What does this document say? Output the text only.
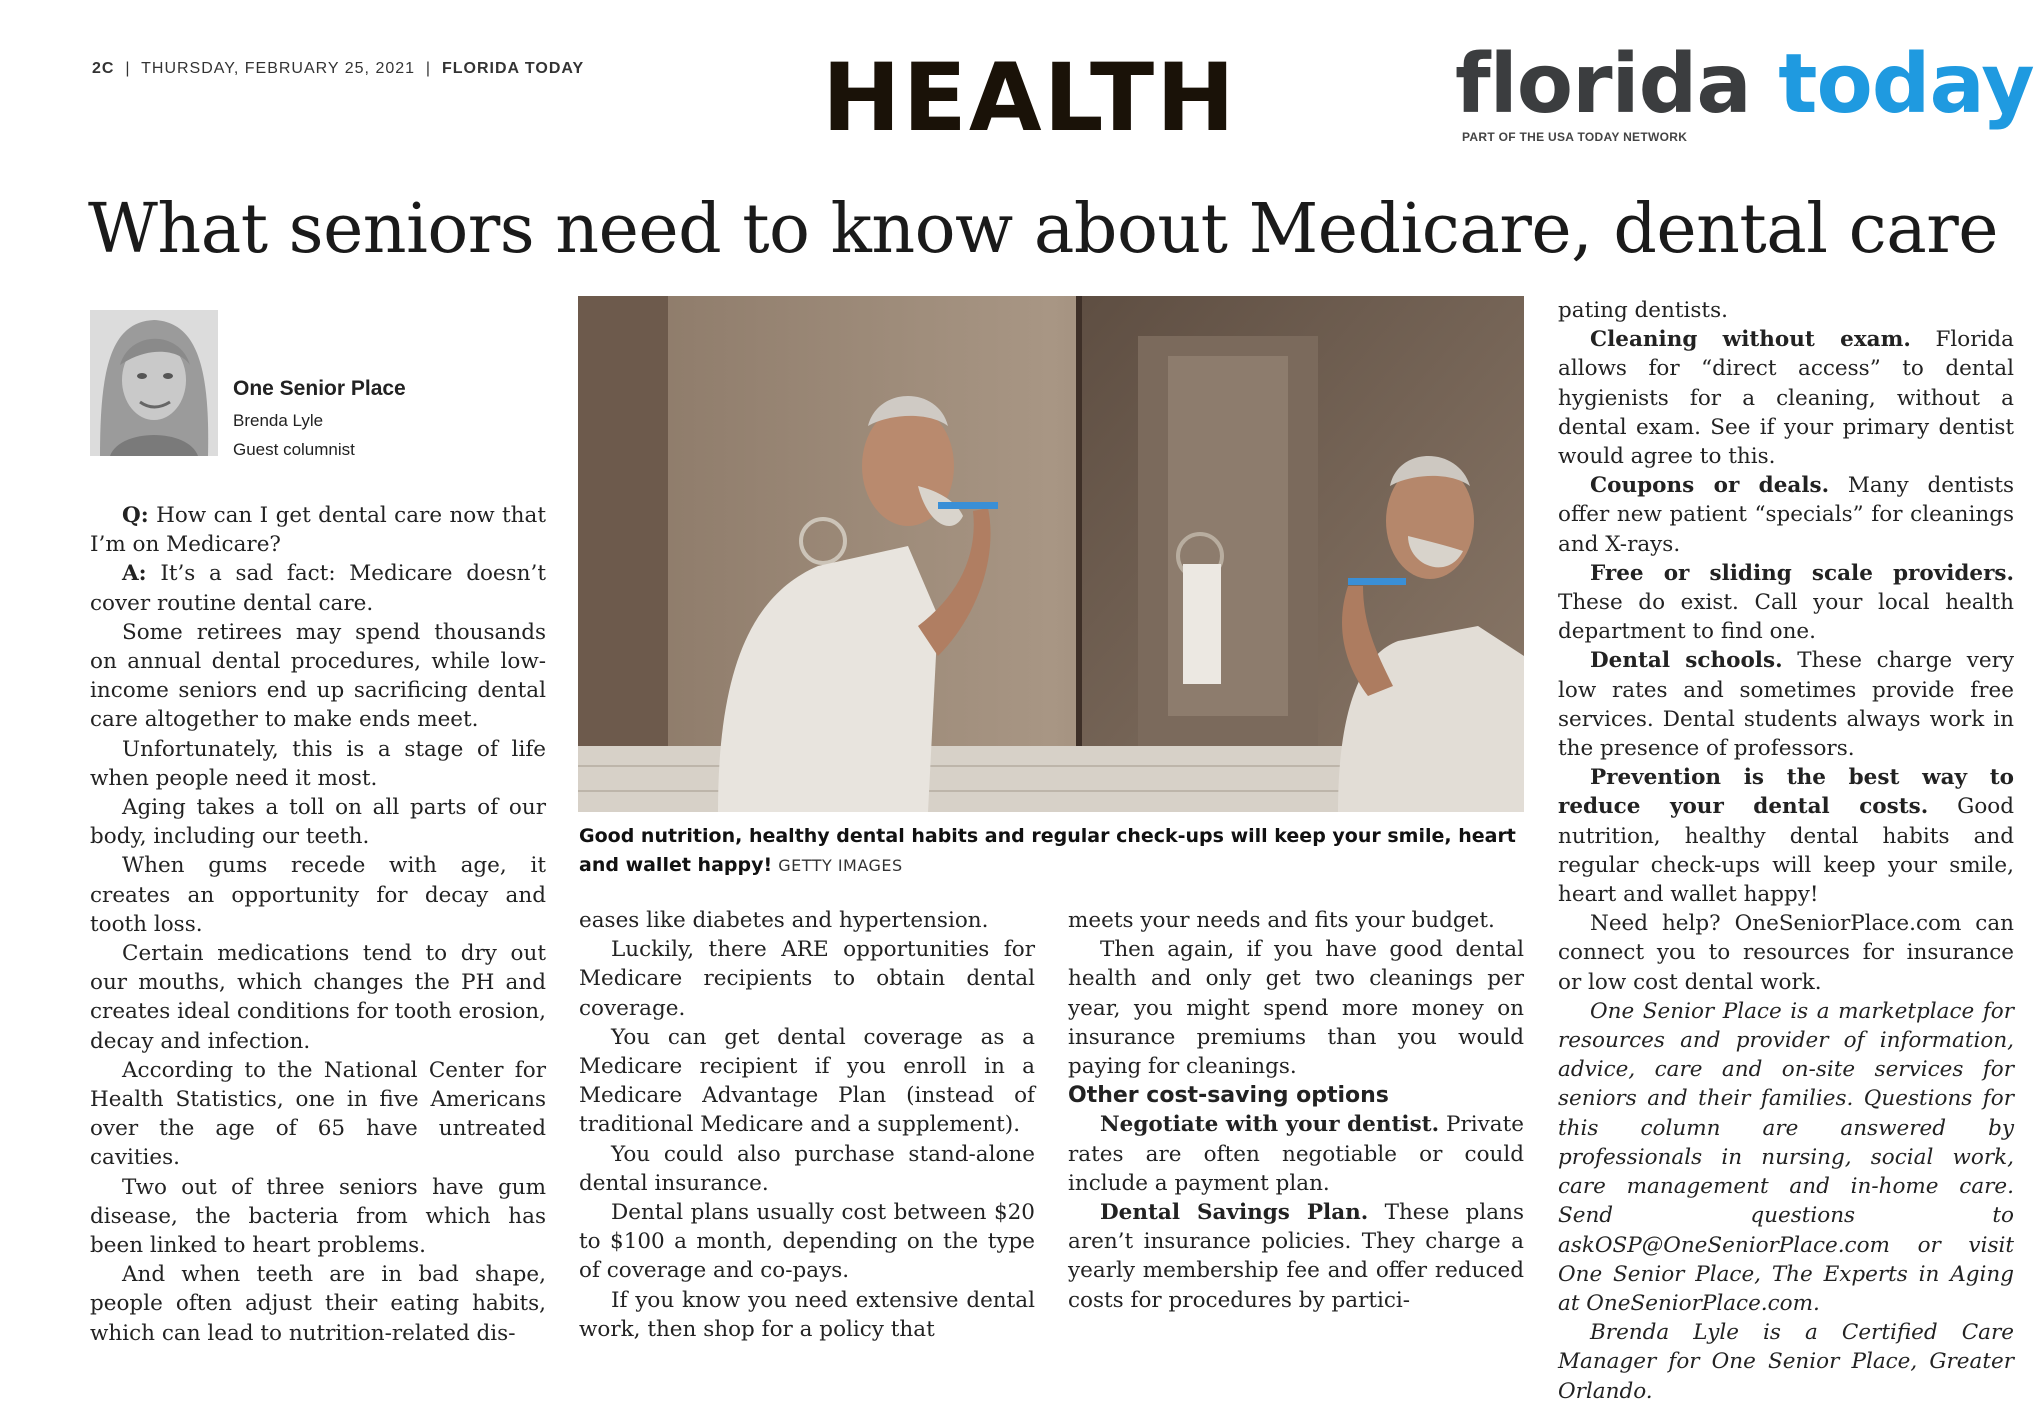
2C | THURSDAY, FEBRUARY 25, 2021 | FLORIDA TODAY	HEALTH	florida today
PART OF THE USA TODAY NETWORK
What seniors need to know about Medicare, dental care
One Senior Place
Brenda Lyle
Guest columnist
Good nutrition, healthy dental habits and regular check-ups will keep your smile, heart and wallet happy! GETTY IMAGES

Q: How can I get dental care now that I’m on Medicare?

A: It’s a sad fact: Medicare doesn’t cover routine dental care.

Some retirees may spend thousands on annual dental procedures, while low-income seniors end up sacrificing dental care altogether to make ends meet.

Unfortunately, this is a stage of life when people need it most.

Aging takes a toll on all parts of our body, including our teeth.

When gums recede with age, it creates an opportunity for decay and tooth loss.

Certain medications tend to dry out our mouths, which changes the PH and creates ideal conditions for tooth erosion, decay and infection.

According to the National Center for Health Statistics, one in five Americans over the age of 65 have untreated cavities.

Two out of three seniors have gum disease, the bacteria from which has been linked to heart problems.

And when teeth are in bad shape, people often adjust their eating habits, which can lead to nutrition-related dis-

eases like diabetes and hypertension.

Luckily, there ARE opportunities for Medicare recipients to obtain dental coverage.

You can get dental coverage as a Medicare recipient if you enroll in a Medicare Advantage Plan (instead of traditional Medicare and a supplement).

You could also purchase stand-alone dental insurance.

Dental plans usually cost between $20 to $100 a month, depending on the type of coverage and co-pays.

If you know you need extensive dental work, then shop for a policy that

meets your needs and fits your budget.

Then again, if you have good dental health and only get two cleanings per year, you might spend more money on insurance premiums than you would paying for cleanings.

Other cost-saving options

Negotiate with your dentist. Private rates are often negotiable or could include a payment plan.

Dental Savings Plan. These plans aren’t insurance policies. They charge a yearly membership fee and offer reduced costs for procedures by partici-

pating dentists.

Cleaning without exam. Florida allows for “direct access” to dental hygienists for a cleaning, without a dental exam. See if your primary dentist would agree to this.

Coupons or deals. Many dentists offer new patient “specials” for cleanings and X-rays.

Free or sliding scale providers. These do exist. Call your local health department to find one.

Dental schools. These charge very low rates and sometimes provide free services. Dental students always work in the presence of professors.

Prevention is the best way to reduce your dental costs. Good nutrition, healthy dental habits and regular check-ups will keep your smile, heart and wallet happy!

Need help? OneSeniorPlace.com can connect you to resources for insurance or low cost dental work.

One Senior Place is a marketplace for resources and provider of information, advice, care and on-site services for seniors and their families. Questions for this column are answered by professionals in nursing, social work, care management and in-home care. Send questions to askOSP@OneSeniorPlace.com or visit One Senior Place, The Experts in Aging at OneSeniorPlace.com.

Brenda Lyle is a Certified Care Manager for One Senior Place, Greater Orlando.
